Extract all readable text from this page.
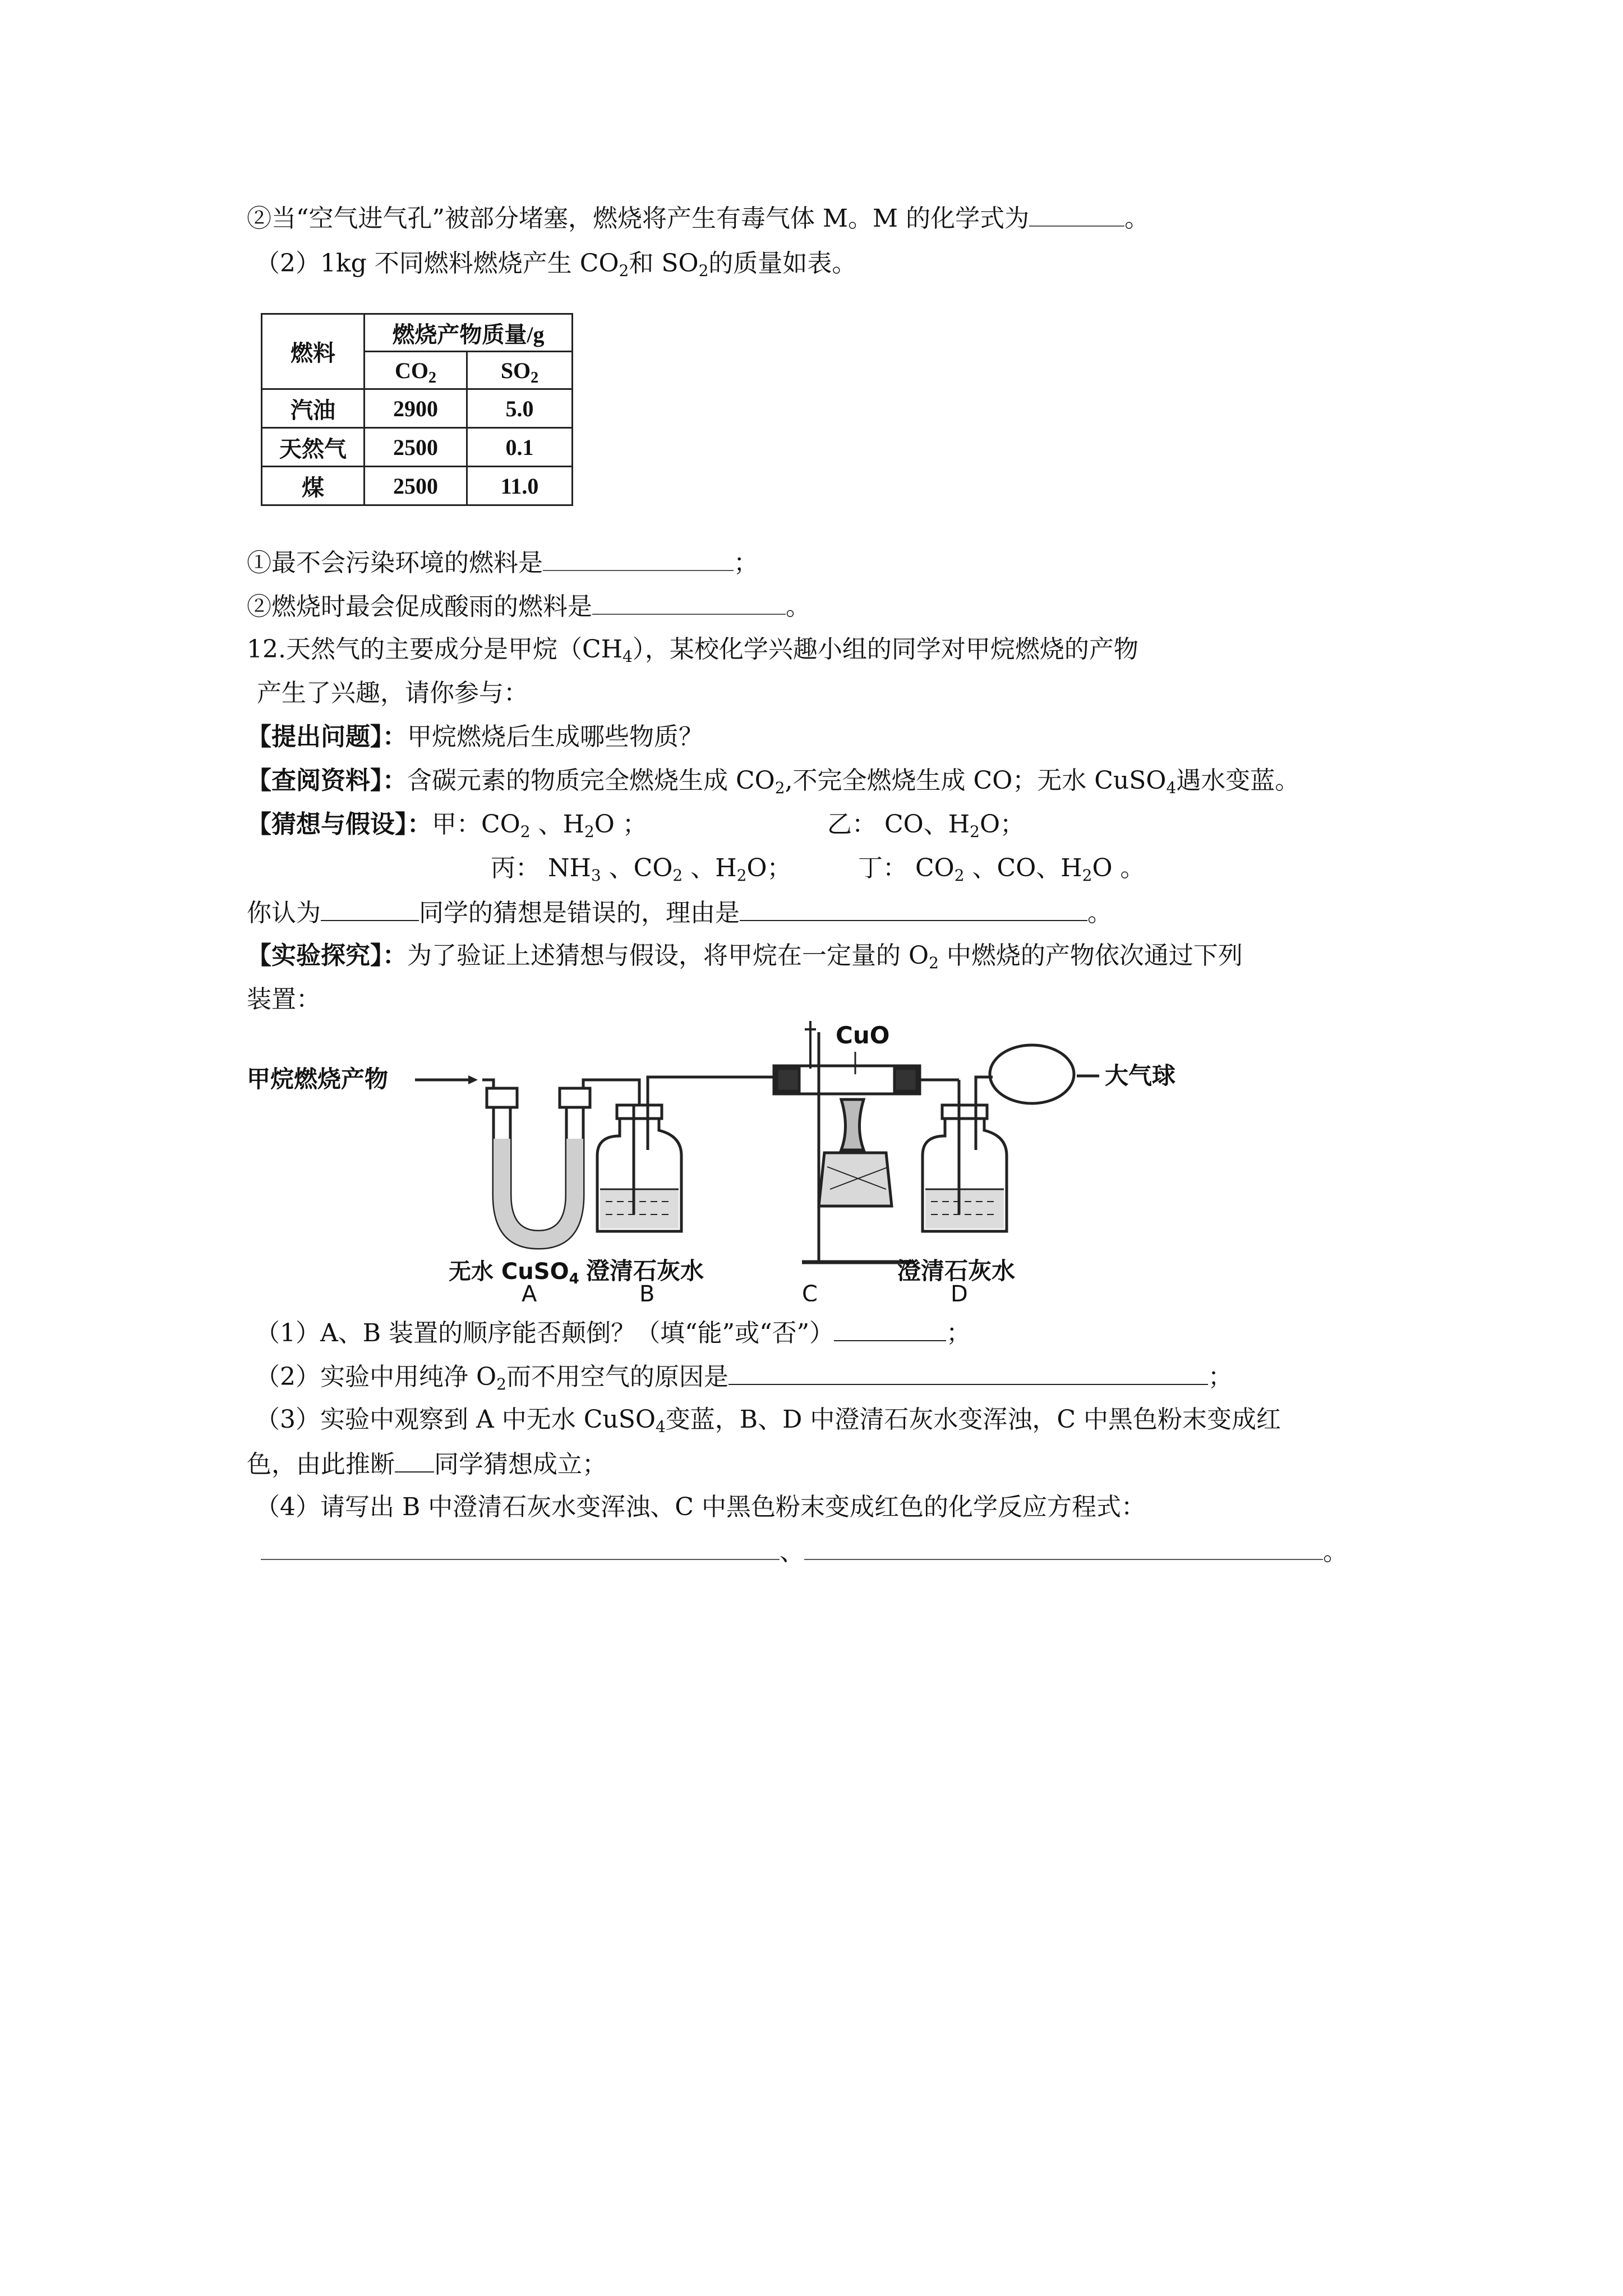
②当“空气进气孔”被部分堵塞，燃烧将产生有毒气体 M。M 的化学式为	。
（2）1kg 不同燃料燃烧产生 $CO_2$和 $SO_2$的质量如表。
燃料	燃烧产物质量/g	
	$CO_2$	$SO_2$
汽油	2900	5.0
天然气	2500	0.1
煤	2500	11.0
①最不会污染环境的燃料是	；
②燃烧时最会促成酸雨的燃料是	。
12.天然气的主要成分是甲烷$(CH_4)$，某校化学兴趣小组的同学对甲烷燃烧的产物
产生了兴趣，请你参与：
【提出问题】：甲烷燃烧后生成哪些物质？
【查阅资料】：含碳元素的物质完全燃烧生成 $CO_2$,不完全燃烧生成 CO；无水 CuSO$_4$遇水变蓝。
【猜想与假设】：甲：$CO_2$ 、$H_2O$ ；	乙： CO、$H_2O$；
丙： $NH_3$ 、$CO_2$ 、$H_2O$；	丁： $CO_2$ 、CO、$H_2O$ 。
你认为	同学的猜想是错误的，理由是	。
【实验探究】：为了验证上述猜想与假设，将甲烷在一定量的 $O_2$ 中燃烧的产物依次通过下列
装置：
甲烷燃烧产物
CuO
大气球
无水 CuSO$_4$ 澄清石灰水	澄清石灰水
A	B	C	D
（1）A、B 装置的顺序能否颠倒？（填“能”或“否”）	；
（2）实验中用纯净 $O_2$而不用空气的原因是	；
（3）实验中观察到 A 中无水 CuSO$_4$变蓝，B、D 中澄清石灰水变浑浊，C 中黑色粉末变成红
色，由此推断 同学猜想成立；
（4）请写出 B 中澄清石灰水变浑浊、C 中黑色粉末变成红色的化学反应方程式：
、	。
